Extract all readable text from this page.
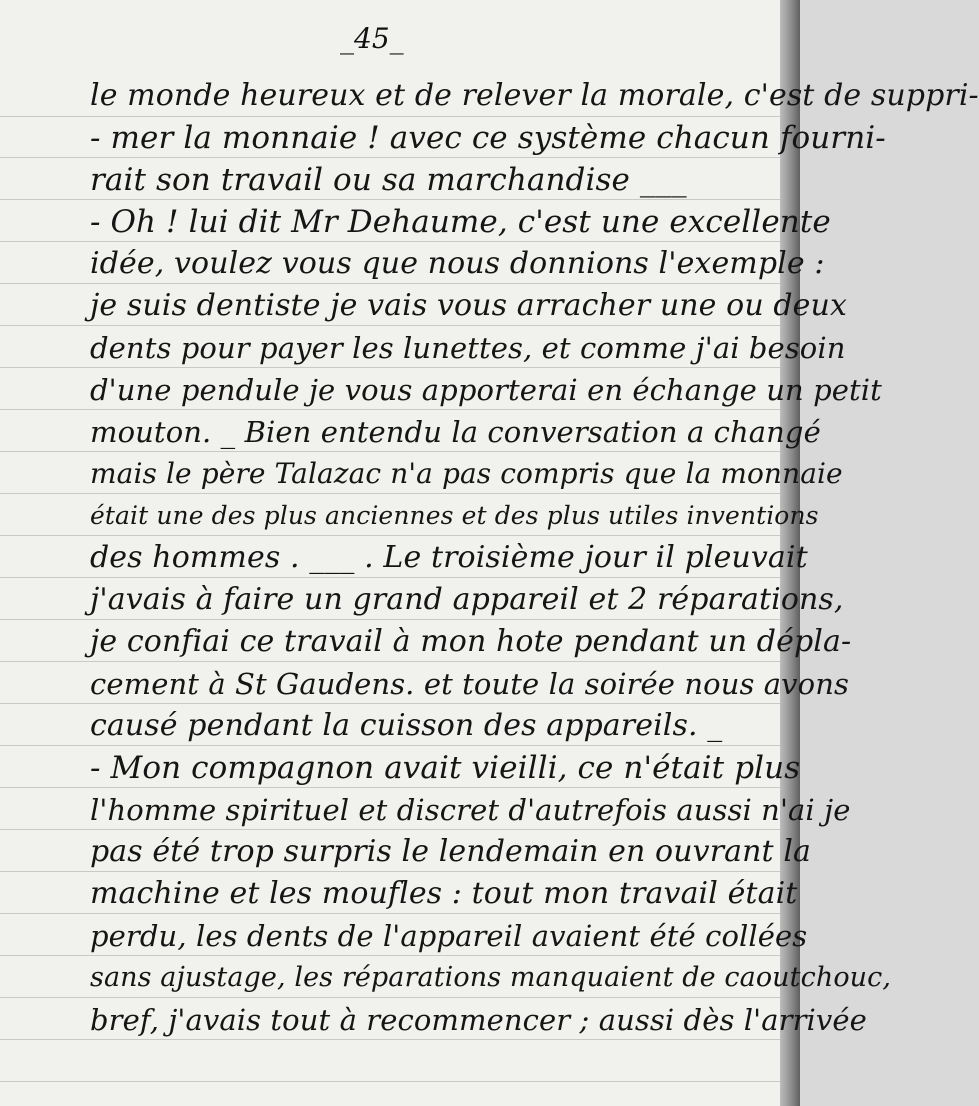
_45_
le monde heureux et de relever la morale, c'est de suppri-
- mer la monnaie ! avec ce système chacun fourni-
rait son travail ou sa marchandise ___
- Oh ! lui dit Mr Dehaume, c'est une excellente
idée, voulez vous que nous donnions l'exemple :
je suis dentiste je vais vous arracher une ou deux
dents pour payer les lunettes, et comme j'ai besoin
d'une pendule je vous apporterai en échange un petit
mouton. _ Bien entendu la conversation a changé
mais le père Talazac n'a pas compris que la monnaie
était une des plus anciennes et des plus utiles inventions
des hommes . ___ . Le troisième jour il pleuvait
j'avais à faire un grand appareil et 2 réparations,
je confiai ce travail à mon hote pendant un dépla-
cement à St Gaudens. et toute la soirée nous avons
causé pendant la cuisson des appareils. _
- Mon compagnon avait vieilli, ce n'était plus
l'homme spirituel et discret d'autrefois aussi n'ai je
pas été trop surpris le lendemain en ouvrant la
machine et les moufles : tout mon travail était
perdu, les dents de l'appareil avaient été collées
sans ajustage, les réparations manquaient de caoutchouc,
bref, j'avais tout à recommencer ; aussi dès l'arrivée
